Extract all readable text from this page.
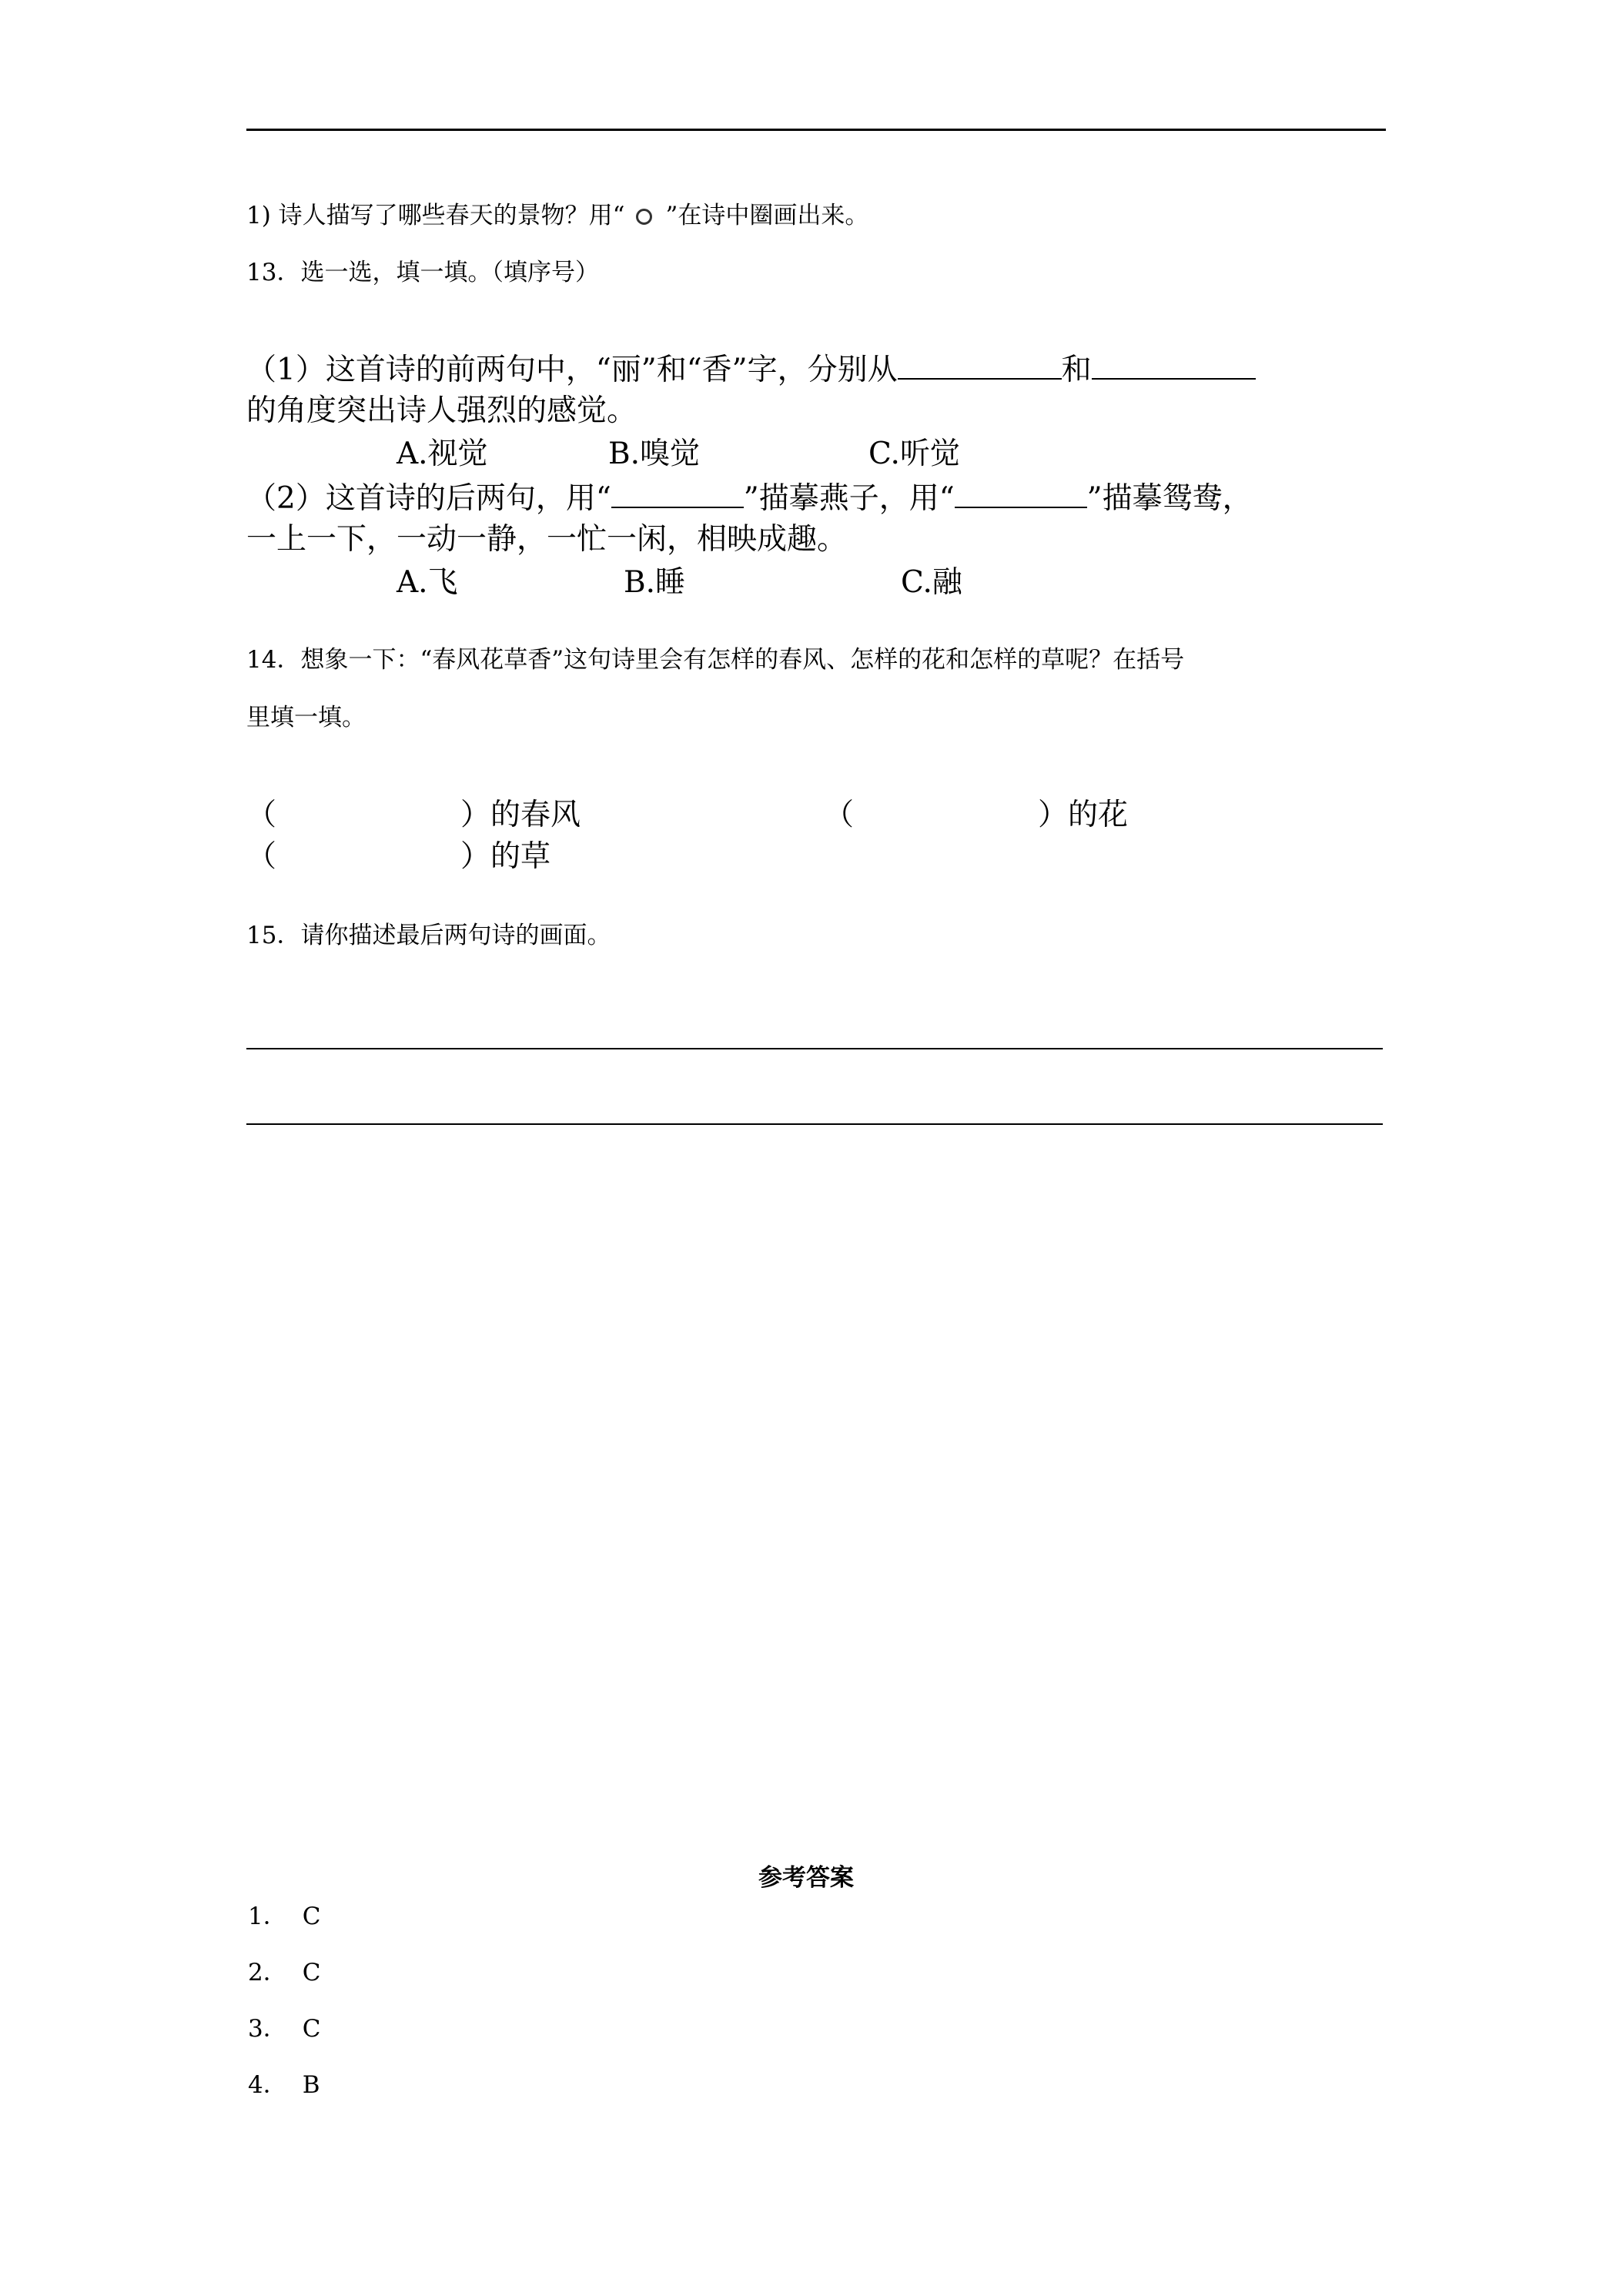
1) 诗人描写了哪些春天的景物？用“ ”在诗中圈画出来。
13．选一选，填一填。（填序号）
（1）这首诗的前两句中，“丽”和“香”字，分别从	和
的角度突出诗人强烈的感觉。
A.视觉	B.嗅觉	C.听觉
（2）这首诗的后两句，用“	”描摹燕子，用“	”描摹鸳鸯，
一上一下，一动一静，一忙一闲，相映成趣。
A.飞	B.睡	C.融
14．想象一下：“春风花草香”这句诗里会有怎样的春风、怎样的花和怎样的草呢？在括号
里填一填。
（	）的春风	（	）的花
（	）的草
15．请你描述最后两句诗的画面。
参考答案
1． C
2． C
3． C
4． B
